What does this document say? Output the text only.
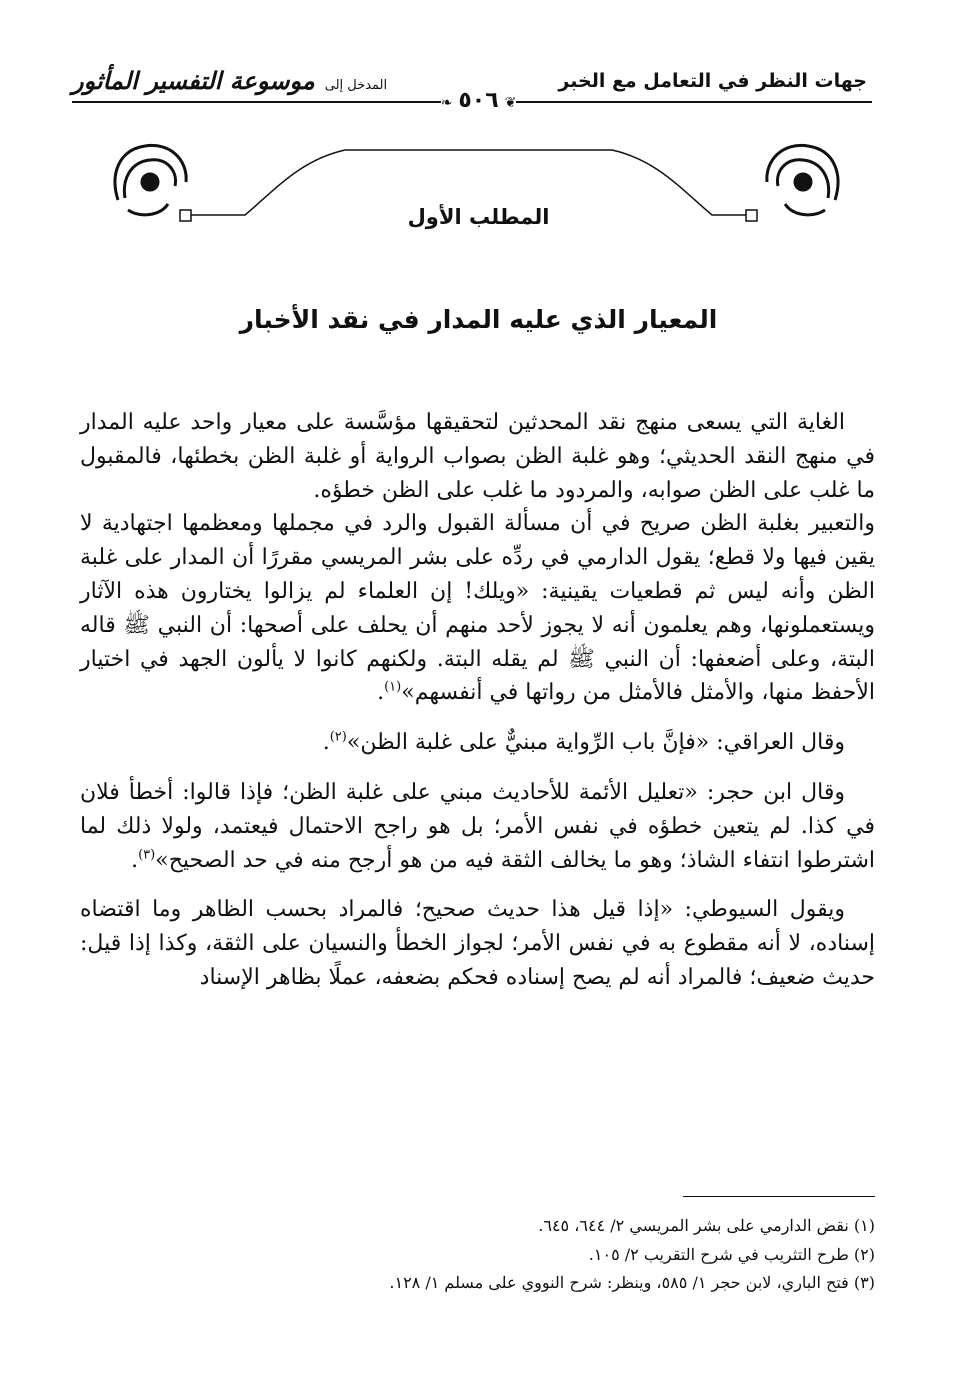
جهات النظر في التعامل مع الخبر
المدخل إلى
موسوعة التفسير المأثور
❦٥٠٦❧
المطلب الأول
المعيار الذي عليه المدار في نقد الأخبار

الغاية التي يسعى منهج نقد المحدثين لتحقيقها مؤسَّسة على معيار واحد عليه المدار في منهج النقد الحديثي؛ وهو غلبة الظن بصواب الرواية أو غلبة الظن بخطئها، فالمقبول ما غلب على الظن صوابه، والمردود ما غلب على الظن خطؤه.

والتعبير بغلبة الظن صريح في أن مسألة القبول والرد في مجملها ومعظمها اجتهادية لا يقين فيها ولا قطع؛ يقول الدارمي في ردِّه على بشر المريسي مقررًا أن المدار على غلبة الظن وأنه ليس ثم قطعيات يقينية: «ويلك! إن العلماء لم يزالوا يختارون هذه الآثار ويستعملونها، وهم يعلمون أنه لا يجوز لأحد منهم أن يحلف على أصحها: أن النبي ﷺ قاله البتة، وعلى أضعفها: أن النبي ﷺ لم يقله البتة. ولكنهم كانوا لا يألون الجهد في اختيار الأحفظ منها، والأمثل فالأمثل من رواتها في أنفسهم»$^{(١)}$.

وقال العراقي: «فإنَّ باب الرِّواية مبنيٌّ على غلبة الظن»$^{(٢)}$.

وقال ابن حجر: «تعليل الأئمة للأحاديث مبني على غلبة الظن؛ فإذا قالوا: أخطأ فلان في كذا. لم يتعين خطؤه في نفس الأمر؛ بل هو راجح الاحتمال فيعتمد، ولولا ذلك لما اشترطوا انتفاء الشاذ؛ وهو ما يخالف الثقة فيه من هو أرجح منه في حد الصحيح»$^{(٣)}$.

ويقول السيوطي: «إذا قيل هذا حديث صحيح؛ فالمراد بحسب الظاهر وما اقتضاه إسناده، لا أنه مقطوع به في نفس الأمر؛ لجواز الخطأ والنسيان على الثقة، وكذا إذا قيل: حديث ضعيف؛ فالمراد أنه لم يصح إسناده فحكم بضعفه، عملًا بظاهر الإسناد

(١) نقض الدارمي على بشر المريسي ٢/ ٦٤٤، ٦٤٥.
(٢) طرح التثريب في شرح التقريب ٢/ ١٠٥.
(٣) فتح الباري، لابن حجر ١/ ٥٨٥، وينظر: شرح النووي على مسلم ١/ ١٢٨.
